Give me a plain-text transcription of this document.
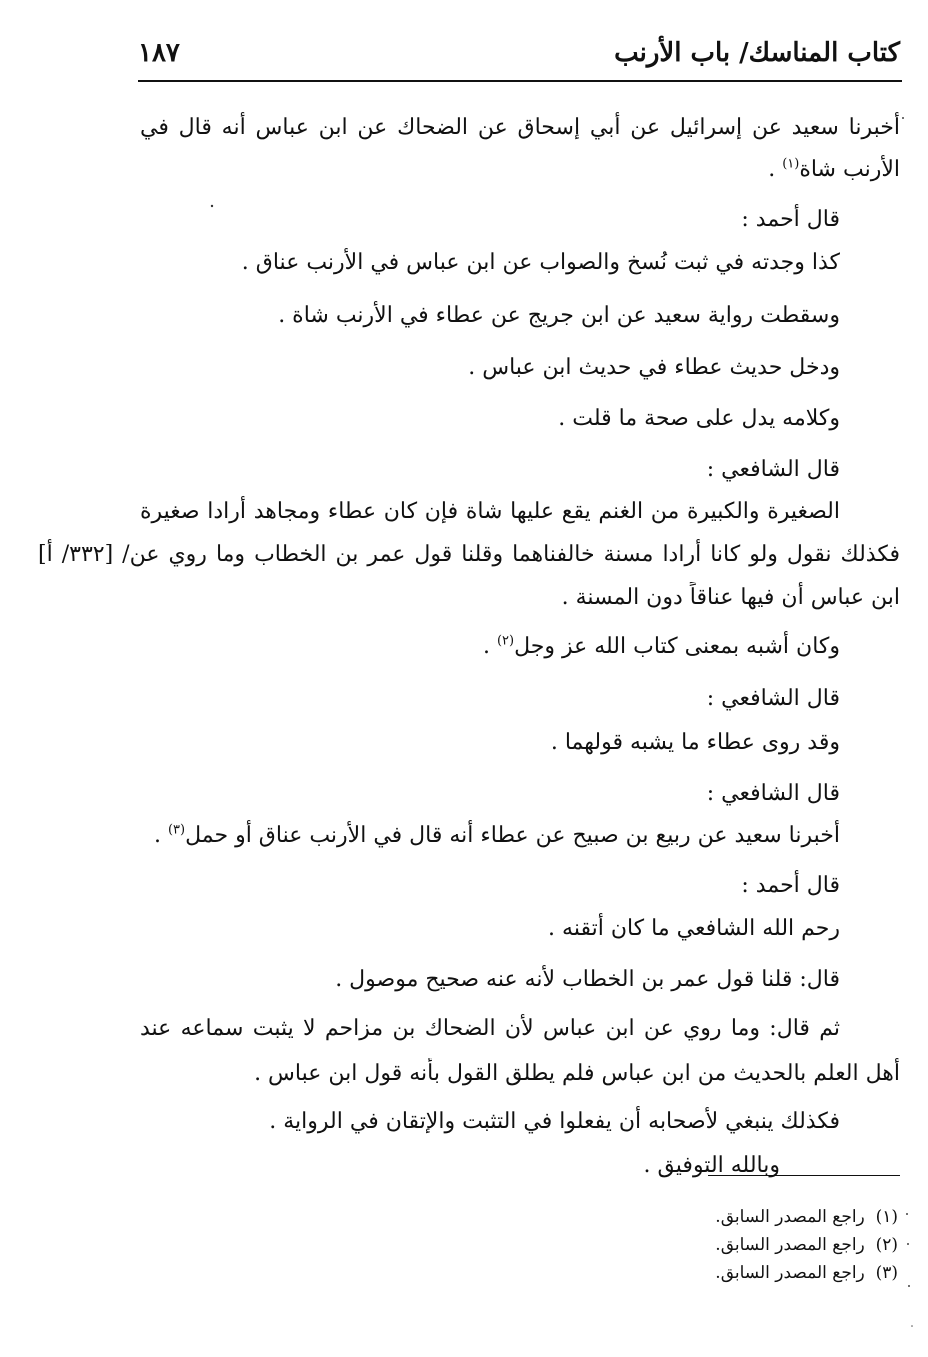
كتاب المناسك/ باب الأرنب
١٨٧
أخبرنا سعيد عن إسرائيل عن أبي إسحاق عن الضحاك عن ابن عباس أنه قال في
الأرنب شاة$^{(١)}$ .
قال أحمد :
كذا وجدته في ثبت نُسخ والصواب عن ابن عباس في الأرنب عناق .
وسقطت رواية سعيد عن ابن جريج عن عطاء في الأرنب شاة .
ودخل حديث عطاء في حديث ابن عباس .
وكلامه يدل على صحة ما قلت .
قال الشافعي :
الصغيرة والكبيرة من الغنم يقع عليها شاة فإن كان عطاء ومجاهد أرادا صغيرة
فكذلك نقول ولو كانا أرادا مسنة خالفناهما وقلنا قول عمر بن الخطاب وما روي عن/ [٣٣٢/ أ]
ابن عباس أن فيها عناقاً دون المسنة .
وكان أشبه بمعنى كتاب الله عز وجل$^{(٢)}$ .
قال الشافعي :
وقد روى عطاء ما يشبه قولهما .
قال الشافعي :
أخبرنا سعيد عن ربيع بن صبيح عن عطاء أنه قال في الأرنب عناق أو حمل$^{(٣)}$ .
قال أحمد :
رحم الله الشافعي ما كان أتقنه .
قال: قلنا قول عمر بن الخطاب لأنه عنه صحيح موصول .
ثم قال: وما روي عن ابن عباس لأن الضحاك بن مزاحم لا يثبت سماعه عند
أهل العلم بالحديث من ابن عباس فلم يطلق القول بأنه قول ابن عباس .
فكذلك ينبغي لأصحابه أن يفعلوا في التثبت والإتقان في الرواية .
وبالله التوفيق .
(١)  راجع المصدر السابق.
(٢)  راجع المصدر السابق.
(٣)  راجع المصدر السابق.
